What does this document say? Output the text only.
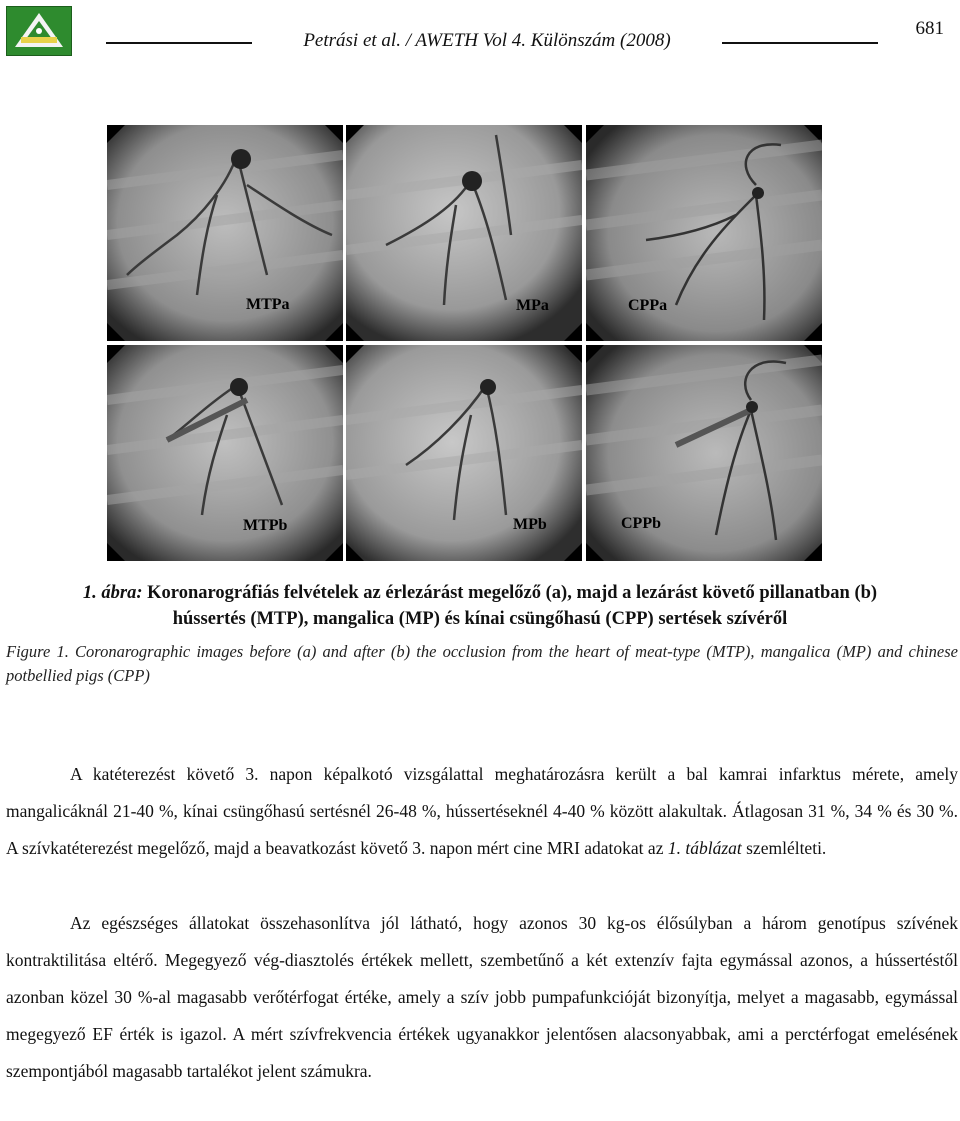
Petrási et al. / AWETH Vol 4. Különszám (2008)
681
MTPa	MPa	CPPa
MTPb	MPb	CPPb
1. ábra: Koronarográfiás felvételek az érlezárást megelőző (a), majd a lezárást követő pillanatban (b)
hússertés (MTP), mangalica (MP) és kínai csüngőhasú (CPP) sertések szívéről
Figure 1. Coronarographic images before (a) and after (b) the occlusion from the heart of meat-type (MTP), mangalica (MP) and chinese potbellied pigs (CPP)
A katéterezést követő 3. napon képalkotó vizsgálattal meghatározásra került a bal kamrai infarktus mérete, amely mangalicáknál 21-40 %, kínai csüngőhasú sertésnél 26-48 %, hússertéseknél 4-40 % között alakultak. Átlagosan 31 %, 34 % és 30 %. A szívkatéterezést megelőző, majd a beavatkozást követő 3. napon mért cine MRI adatokat az 1. táblázat szemlélteti.
Az egészséges állatokat összehasonlítva jól látható, hogy azonos 30 kg-os élősúlyban a három genotípus szívének kontraktilitása eltérő. Megegyező vég-diasztolés értékek mellett, szembetűnő a két extenzív fajta egymással azonos, a hússertéstől azonban közel 30 %-al magasabb verőtérfogat értéke, amely a szív jobb pumpafunkcióját bizonyítja, melyet a magasabb, egymással megegyező EF érték is igazol. A mért szívfrekvencia értékek ugyanakkor jelentősen alacsonyabbak, ami a perctérfogat emelésének szempontjából magasabb tartalékot jelent számukra.
